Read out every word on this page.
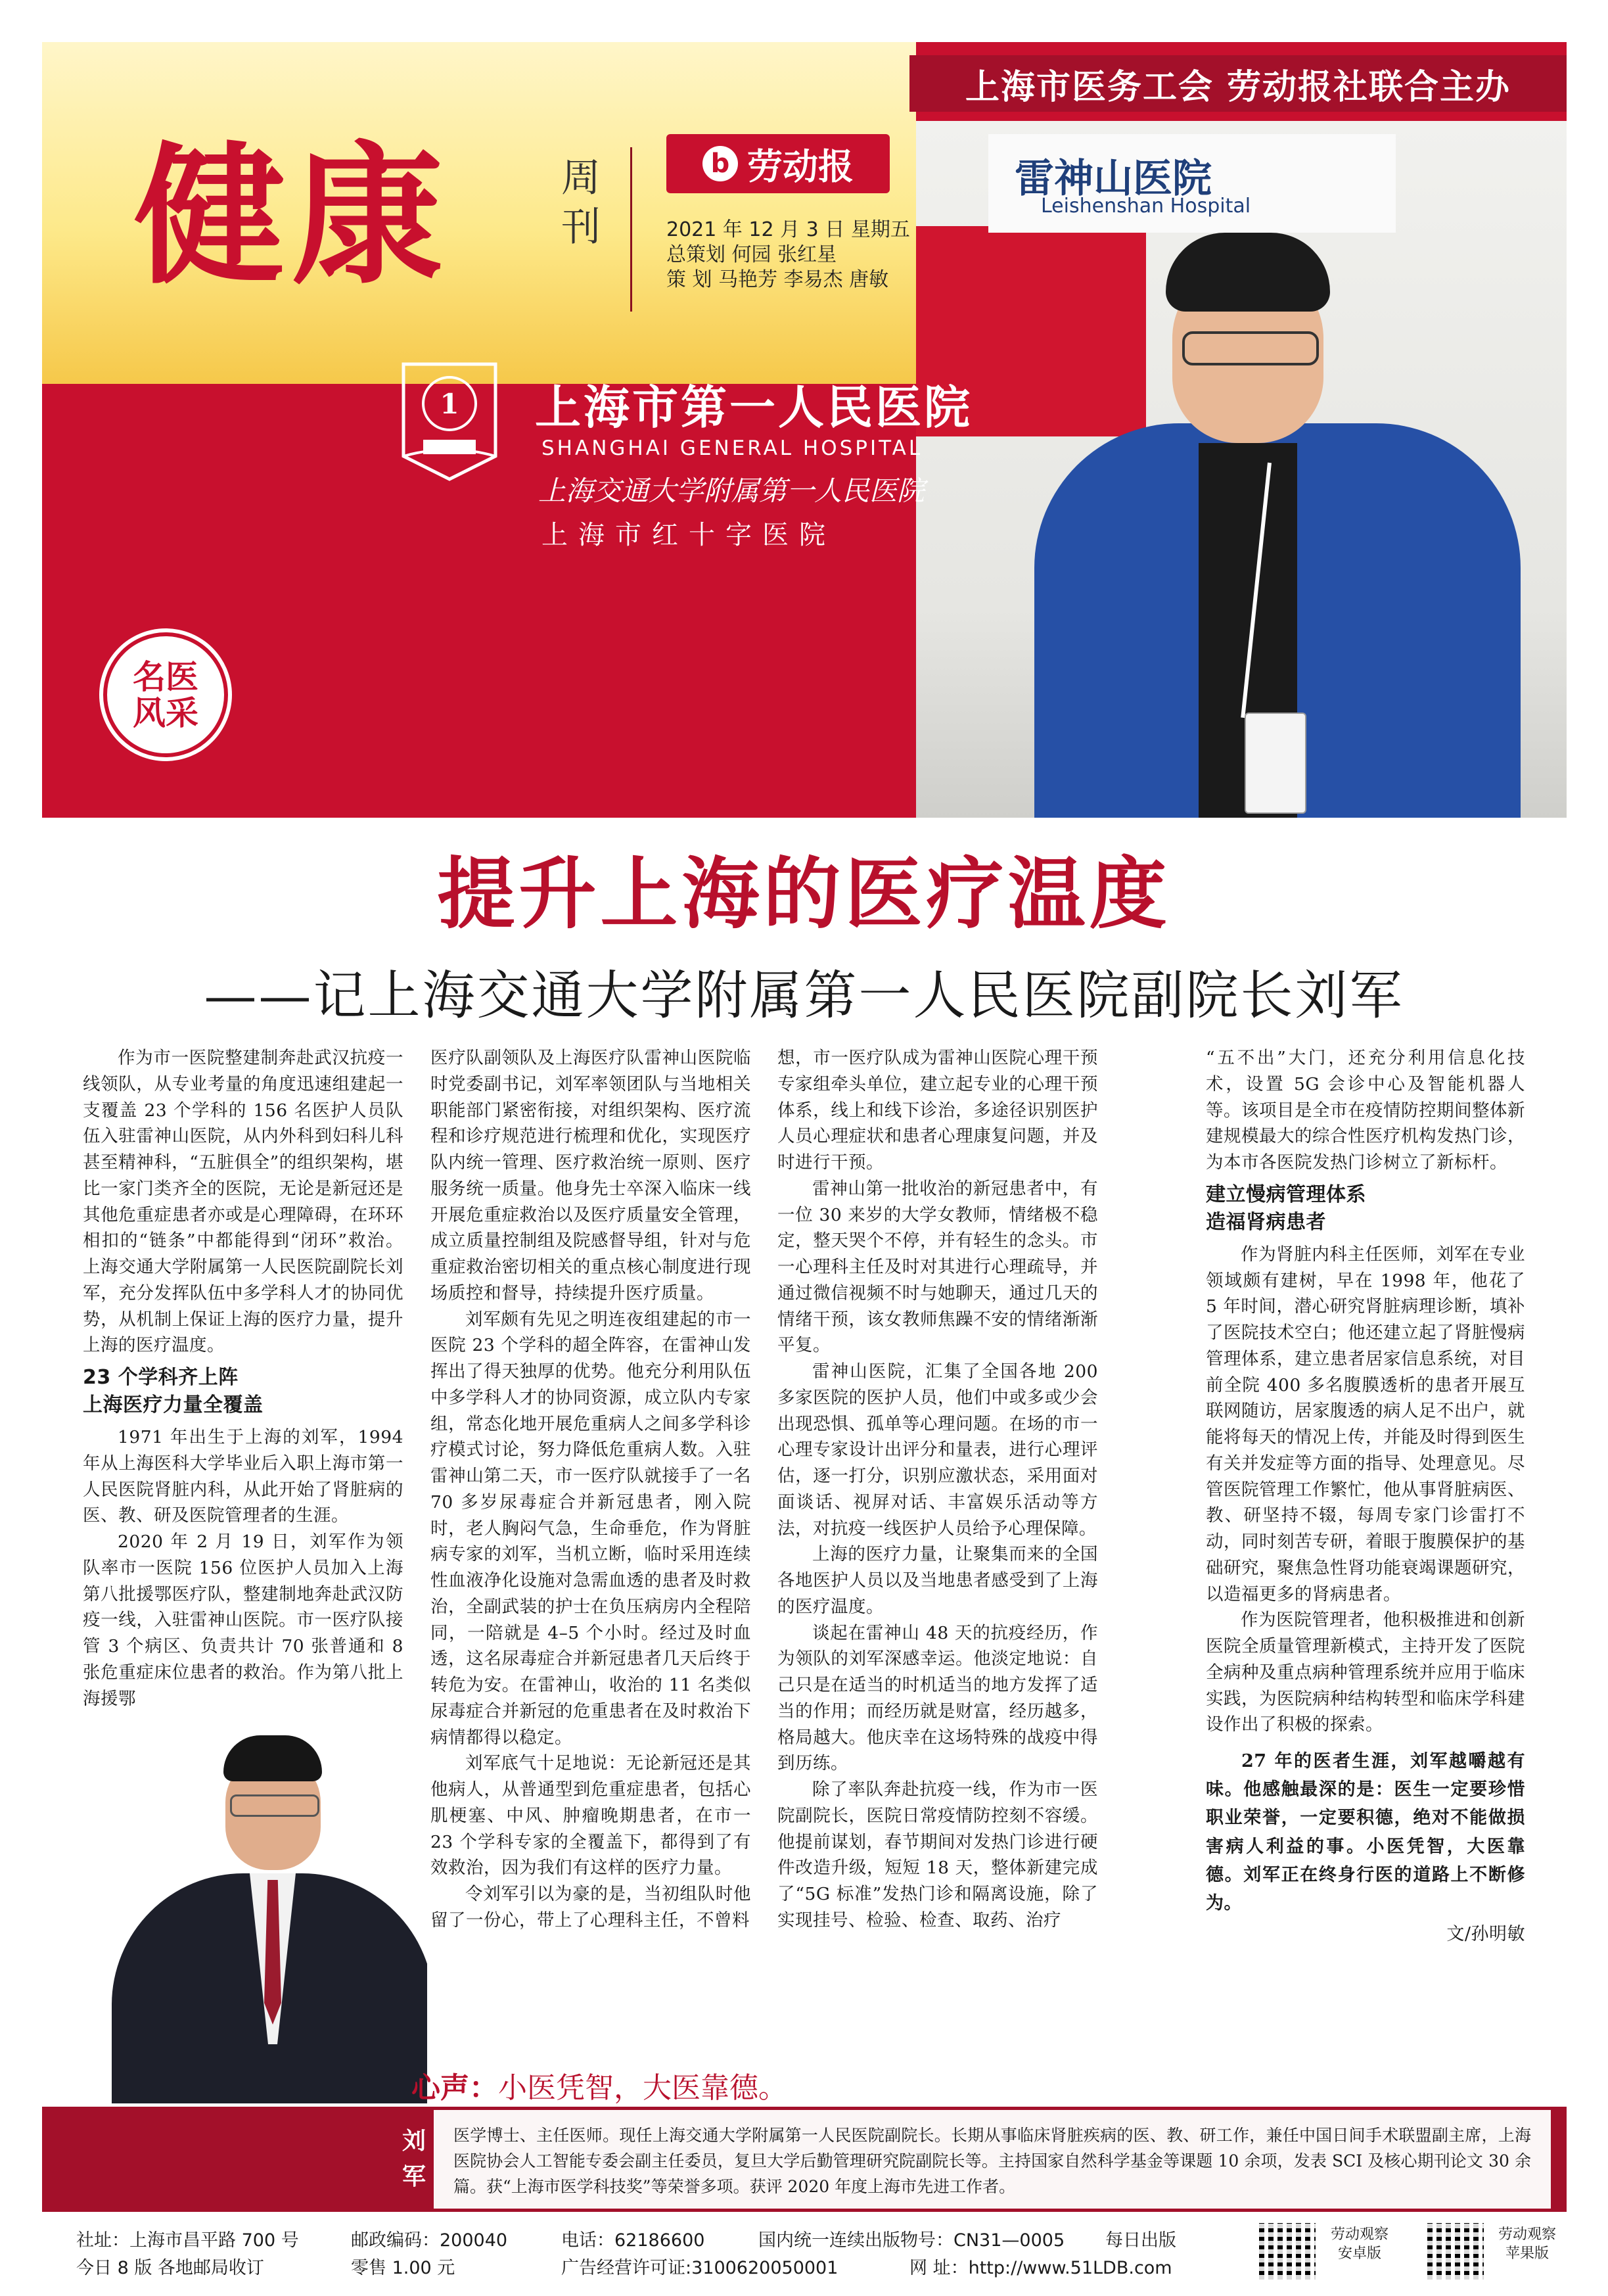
上海市医务工会 劳动报社联合主办
健康	周刊
b 劳动报
2021 年 12 月 3 日 星期五
总策划 何园 张红星
策 划 马艳芳 李易杰 唐敏
雷神山医院
Leishenshan Hospital
1 上海市第一人民医院
SHANGHAI GENERAL HOSPITAL
上海交通大学附属第一人民医院
上海市红十字医院
名医风采
提升上海的医疗温度
——记上海交通大学附属第一人民医院副院长刘军

作为市一医院整建制奔赴武汉抗疫一线领队，从专业考量的角度迅速组建起一支覆盖 23 个学科的 156 名医护人员队伍入驻雷神山医院，从内外科到妇科儿科甚至精神科，“五脏俱全”的组织架构，堪比一家门类齐全的医院，无论是新冠还是其他危重症患者亦或是心理障碍，在环环相扣的“链条”中都能得到“闭环”救治。上海交通大学附属第一人民医院副院长刘军，充分发挥队伍中多学科人才的协同优势，从机制上保证上海的医疗力量，提升上海的医疗温度。

23 个学科齐上阵
上海医疗力量全覆盖

1971 年出生于上海的刘军，1994 年从上海医科大学毕业后入职上海市第一人民医院肾脏内科，从此开始了肾脏病的医、教、研及医院管理者的生涯。

2020 年 2 月 19 日，刘军作为领队率市一医院 156 位医护人员加入上海第八批援鄂医疗队，整建制地奔赴武汉防疫一线，入驻雷神山医院。市一医疗队接管 3 个病区、负责共计 70 张普通和 8 张危重症床位患者的救治。作为第八批上海援鄂

医疗队副领队及上海医疗队雷神山医院临时党委副书记，刘军率领团队与当地相关职能部门紧密衔接，对组织架构、医疗流程和诊疗规范进行梳理和优化，实现医疗队内统一管理、医疗救治统一原则、医疗服务统一质量。他身先士卒深入临床一线开展危重症救治以及医疗质量安全管理，成立质量控制组及院感督导组，针对与危重症救治密切相关的重点核心制度进行现场质控和督导，持续提升医疗质量。

刘军颇有先见之明连夜组建起的市一医院 23 个学科的超全阵容，在雷神山发挥出了得天独厚的优势。他充分利用队伍中多学科人才的协同资源，成立队内专家组，常态化地开展危重病人之间多学科诊疗模式讨论，努力降低危重病人数。入驻雷神山第二天，市一医疗队就接手了一名 70 多岁尿毒症合并新冠患者，刚入院时，老人胸闷气急，生命垂危，作为肾脏病专家的刘军，当机立断，临时采用连续性血液净化设施对急需血透的患者及时救治，全副武装的护士在负压病房内全程陪同，一陪就是 4–5 个小时。经过及时血透，这名尿毒症合并新冠患者几天后终于转危为安。在雷神山，收治的 11 名类似尿毒症合并新冠的危重患者在及时救治下病情都得以稳定。

刘军底气十足地说：无论新冠还是其他病人，从普通型到危重症患者，包括心肌梗塞、中风、肿瘤晚期患者，在市一 23 个学科专家的全覆盖下，都得到了有效救治，因为我们有这样的医疗力量。

令刘军引以为豪的是，当初组队时他留了一份心，带上了心理科主任，不曾料

想，市一医疗队成为雷神山医院心理干预专家组牵头单位，建立起专业的心理干预体系，线上和线下诊治，多途径识别医护人员心理症状和患者心理康复问题，并及时进行干预。

雷神山第一批收治的新冠患者中，有一位 30 来岁的大学女教师，情绪极不稳定，整天哭个不停，并有轻生的念头。市一心理科主任及时对其进行心理疏导，并通过微信视频不时与她聊天，通过几天的情绪干预，该女教师焦躁不安的情绪渐渐平复。

雷神山医院，汇集了全国各地 200 多家医院的医护人员，他们中或多或少会出现恐惧、孤单等心理问题。在场的市一心理专家设计出评分和量表，进行心理评估，逐一打分，识别应激状态，采用面对面谈话、视屏对话、丰富娱乐活动等方法，对抗疫一线医护人员给予心理保障。

上海的医疗力量，让聚集而来的全国各地医护人员以及当地患者感受到了上海的医疗温度。

谈起在雷神山 48 天的抗疫经历，作为领队的刘军深感幸运。他淡定地说：自己只是在适当的时机适当的地方发挥了适当的作用；而经历就是财富，经历越多，格局越大。他庆幸在这场特殊的战疫中得到历练。

除了率队奔赴抗疫一线，作为市一医院副院长，医院日常疫情防控刻不容缓。他提前谋划，春节期间对发热门诊进行硬件改造升级，短短 18 天，整体新建完成了“5G 标准”发热门诊和隔离设施，除了实现挂号、检验、检查、取药、治疗

“五不出”大门，还充分利用信息化技术，设置 5G 会诊中心及智能机器人等。该项目是全市在疫情防控期间整体新建规模最大的综合性医疗机构发热门诊，为本市各医院发热门诊树立了新标杆。

建立慢病管理体系
造福肾病患者

作为肾脏内科主任医师，刘军在专业领域颇有建树，早在 1998 年，他花了 5 年时间，潜心研究肾脏病理诊断，填补了医院技术空白；他还建立起了肾脏慢病管理体系，建立患者居家信息系统，对目前全院 400 多名腹膜透析的患者开展互联网随访，居家腹透的病人足不出户，就能将每天的情况上传，并能及时得到医生有关并发症等方面的指导、处理意见。尽管医院管理工作繁忙，他从事肾脏病医、教、研坚持不辍，每周专家门诊雷打不动，同时刻苦专研，着眼于腹膜保护的基础研究，聚焦急性肾功能衰竭课题研究，以造福更多的肾病患者。

作为医院管理者，他积极推进和创新医院全质量管理新模式，主持开发了医院全病种及重点病种管理系统并应用于临床实践，为医院病种结构转型和临床学科建设作出了积极的探索。

27 年的医者生涯，刘军越嚼越有味。他感触最深的是：医生一定要珍惜职业荣誉，一定要积德，绝对不能做损害病人利益的事。小医凭智，大医靠德。刘军正在终身行医的道路上不断修为。

文/孙明敏
心声：小医凭智，大医靠德。
刘军
医学博士、主任医师。现任上海交通大学附属第一人民医院副院长。长期从事临床肾脏疾病的医、教、研工作，兼任中国日间手术联盟副主席，上海医院协会人工智能专委会副主任委员，复旦大学后勤管理研究院副院长等。主持国家自然科学基金等课题 10 余项，发表 SCI 及核心期刊论文 30 余篇。获“上海市医学科技奖”等荣誉多项。获评 2020 年度上海市先进工作者。
社址：上海市昌平路 700 号	邮政编码：200040	电话：62186600	国内统一连续出版物号：CN31—0005 每日出版
今日 8 版 各地邮局收订	零售 1.00 元	广告经营许可证:3100620050001	网 址：http://www.51LDB.com
劳动观察
安卓版
劳动观察
苹果版
